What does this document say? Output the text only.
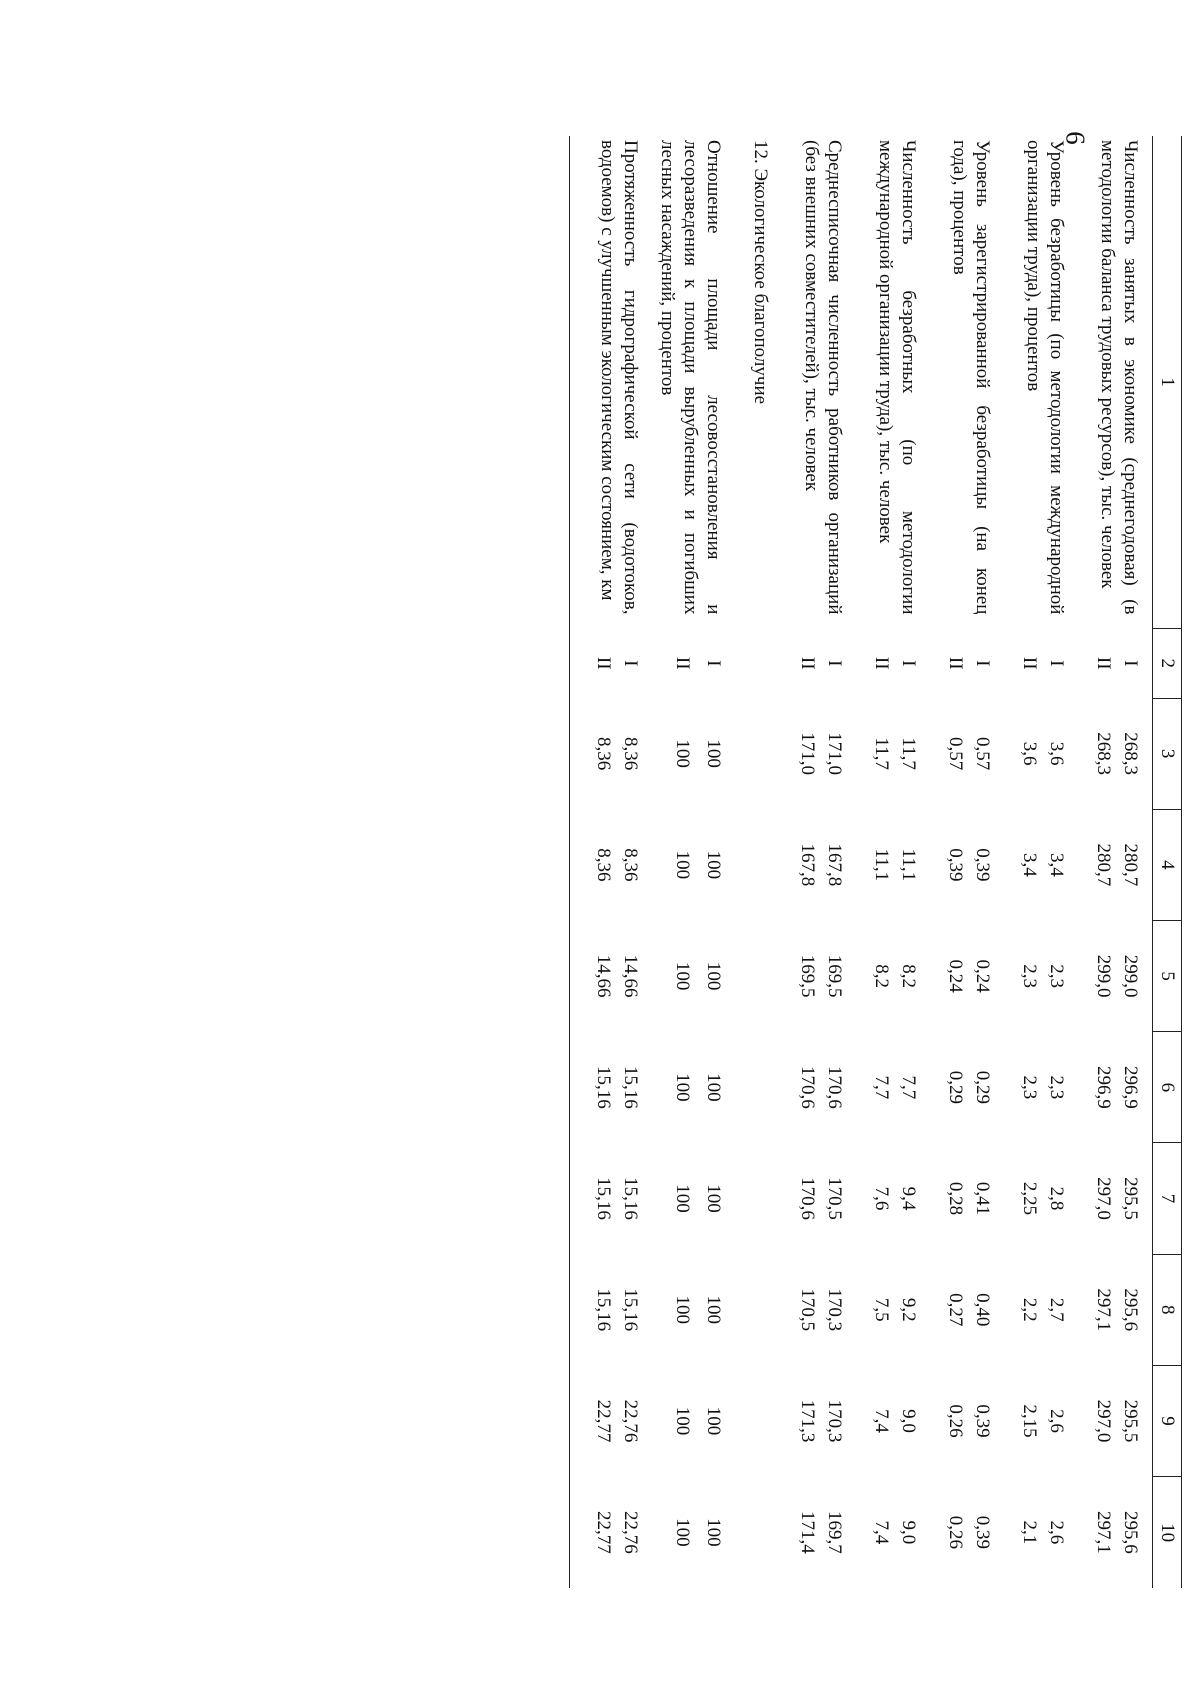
6
1	2	3	4	5	6	7	8	9	10
Численность занятых в экономике (среднегодовая) (в методологии баланса трудовых ресурсов), тыс. человек	I	268,3	280,7	299,0	296,9	295,5	295,6	295,5	295,6
	II	268,3	280,7	299,0	296,9	297,0	297,1	297,0	297,1
Уровень безработицы (по методологии международной организации труда), процентов	I	3,6	3,4	2,3	2,3	2,8	2,7	2,6	2,6
	II	3,6	3,4	2,3	2,3	2,25	2,2	2,15	2,1
Уровень зарегистрированной безработицы (на конец года), процентов	I	0,57	0,39	0,24	0,29	0,41	0,40	0,39	0,39
	II	0,57	0,39	0,24	0,29	0,28	0,27	0,26	0,26
Численность безработных (по методологии международной организации труда), тыс. человек	I	11,7	11,1	8,2	7,7	9,4	9,2	9,0	9,0
	II	11,7	11,1	8,2	7,7	7,6	7,5	7,4	7,4
Среднесписочная численность работников организаций (без внешних совместителей), тыс. человек	I	171,0	167,8	169,5	170,6	170,5	170,3	170,3	169,7
	II	171,0	167,8	169,5	170,6	170,6	170,5	171,3	171,4
12. Экологическое благополучие									
Отношение площади лесовосстановления и лесоразведения к площади вырубленных и погибших лесных насаждений, процентов	I	100	100	100	100	100	100	100	100
	II	100	100	100	100	100	100	100	100
Протяженность гидрографической сети (водотоков, водоемов) с улучшенным экологическим состоянием, км	I	8,36	8,36	14,66	15,16	15,16	15,16	22,76	22,76
	II	8,36	8,36	14,66	15,16	15,16	15,16	22,77	22,77
